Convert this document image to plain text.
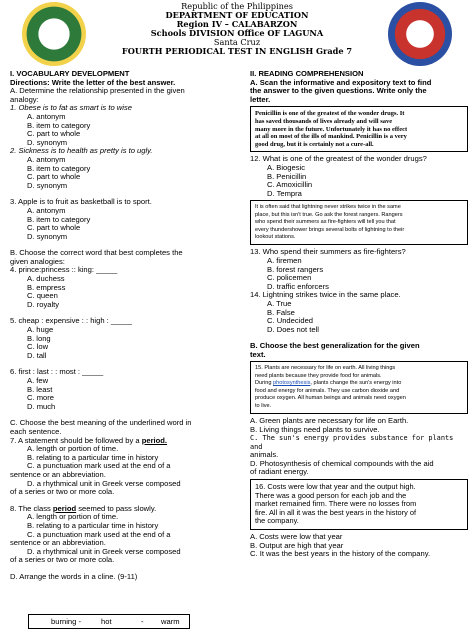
Republic of the Philippines
DEPARTMENT OF EDUCATION
Region IV – CALABARZON
Schools DIVISION Office OF LAGUNA
Santa Cruz
FOURTH PERIODICAL TEST IN ENGLISH Grade 7

I. VOCABULARY DEVELOPMENT

Directions: Write the letter of the best answer.

A. Determine the relationship presented in the given

analogy:

1. Obese is to fat as smart is to wise

A. antonym

B. item to category

C. part to whole

D. synonym

2. Sickness is to health as pretty is to ugly.

A. antonym

B. item to category

C. part to whole

D. synonym

3. Apple is to fruit as basketball is to sport.

A. antonym

B. item to category

C. part to whole

D. synonym

B. Choose the correct word that best completes the

given analogies:

4. prince:princess :: king: _____

A. duchess

B. empress

C. queen

D. royalty

5. cheap : expensive : : high : _____

A. huge

B. long

C. low

D. tall

6. first : last : : most : _____

A. few

B. least

C. more

D. much

C. Choose the best meaning of the underlined word in

each sentence.

7. A statement should be followed by a period.

A. length or portion of time.

B. relating to a particular time in history

C. a punctuation mark used at the end of a

sentence or an abbreviation.

D. a rhythmical unit in Greek verse composed

of a series or two or more cola.

8. The class period seemed to pass slowly.

A. length or portion of time.

B. relating to a particular time in history

C. a punctuation mark used at the end of a

sentence or an abbreviation.

D. a rhythmical unit in Greek verse composed

of a series or two or more cola.

D. Arrange the words in a cline. (9-11)

burning -	hot	- warm

II. READING COMPREHENSION

A. Scan the informative and expository text to find

the answer to the given questions. Write only the

letter.

Penicillin is one of the greatest of the wonder drugs. It

has saved thousands of lives already and will save

many more in the future. Unfortunately it has no effect

at all on most of the ills of mankind. Penicillin is a very

good drug, but it is certainly not a cure-all.

12. What is one of the greatest of the wonder drugs?

A. Biogesic

B. Penicillin

C. Amoxicillin

D. Tempra

It is often said that lightning never strikes twice in the same

place, but this isn't true. Go ask the forest rangers. Rangers

who spend their summers as fire-fighters will tell you that

every thundershower brings several bolts of lightning to their

lookout stations.

13. Who spend their summers as fire-fighters?

A. firemen

B. forest rangers

C. policemen

D. traffic enforcers

14. Lightning strikes twice in the same place.

A. True

B. False

C. Undecided

D. Does not tell

B. Choose the best generalization for the given

text.

15. Plants are necessary for life on earth. All living things

need plants because they provide food for animals.

During photosynthesis, plants change the sun's energy into

food and energy for animals. They use carbon dioxide and

produce oxygen. All human beings and animals need oxygen

to live.

A. Green plants are necessary for life on Earth.

B. Living things need plants to survive.

C. The sun's energy provides substance for plants and

animals.

D. Photosynthesis of chemical compounds with the aid

of radiant energy.

16. Costs were low that year and the output high.

There was a good person for each job and the

market remained firm. There were no losses from

fire. All in all it was the best years in the history of

the company.

A. Costs were low that year

B. Output are high that year

C. It was the best years in the history of the company.
